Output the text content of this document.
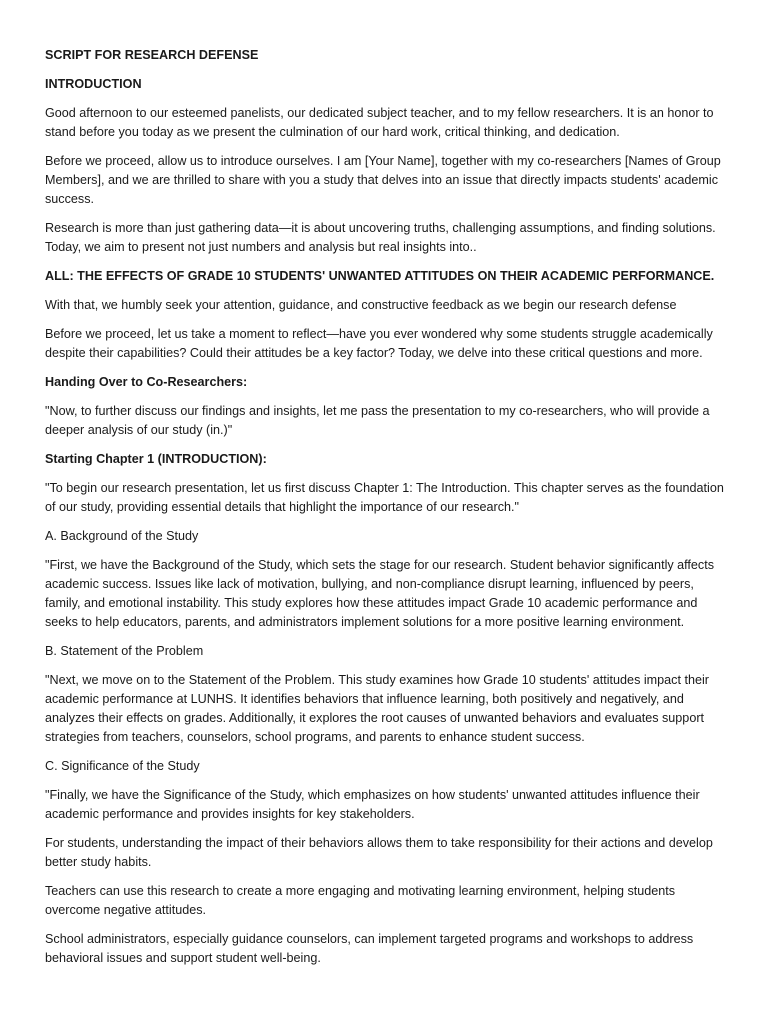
SCRIPT FOR RESEARCH DEFENSE

INTRODUCTION

Good afternoon to our esteemed panelists, our dedicated subject teacher, and to my fellow researchers. It is an honor to stand before you today as we present the culmination of our hard work, critical thinking, and dedication.

Before we proceed, allow us to introduce ourselves. I am [Your Name], together with my co-researchers [Names of Group Members], and we are thrilled to share with you a study that delves into an issue that directly impacts students' academic success.

Research is more than just gathering data—it is about uncovering truths, challenging assumptions, and finding solutions. Today, we aim to present not just numbers and analysis but real insights into..

ALL: THE EFFECTS OF GRADE 10 STUDENTS' UNWANTED ATTITUDES ON THEIR ACADEMIC PERFORMANCE.

With that, we humbly seek your attention, guidance, and constructive feedback as we begin our research defense

Before we proceed, let us take a moment to reflect—have you ever wondered why some students struggle academically despite their capabilities? Could their attitudes be a key factor? Today, we delve into these critical questions and more.

Handing Over to Co-Researchers:

"Now, to further discuss our findings and insights, let me pass the presentation to my co-researchers, who will provide a deeper analysis of our study (in.)"

Starting Chapter 1 (INTRODUCTION):

"To begin our research presentation, let us first discuss Chapter 1: The Introduction. This chapter serves as the foundation of our study, providing essential details that highlight the importance of our research."

A. Background of the Study

"First, we have the Background of the Study, which sets the stage for our research. Student behavior significantly affects academic success. Issues like lack of motivation, bullying, and non-compliance disrupt learning, influenced by peers, family, and emotional instability. This study explores how these attitudes impact Grade 10 academic performance and seeks to help educators, parents, and administrators implement solutions for a more positive learning environment.

B. Statement of the Problem

"Next, we move on to the Statement of the Problem. This study examines how Grade 10 students' attitudes impact their academic performance at LUNHS. It identifies behaviors that influence learning, both positively and negatively, and analyzes their effects on grades. Additionally, it explores the root causes of unwanted behaviors and evaluates support strategies from teachers, counselors, school programs, and parents to enhance student success.

C. Significance of the Study

"Finally, we have the Significance of the Study, which emphasizes on how students' unwanted attitudes influence their academic performance and provides insights for key stakeholders.

For students, understanding the impact of their behaviors allows them to take responsibility for their actions and develop better study habits.

Teachers can use this research to create a more engaging and motivating learning environment, helping students overcome negative attitudes.

School administrators, especially guidance counselors, can implement targeted programs and workshops to address behavioral issues and support student well-being.
